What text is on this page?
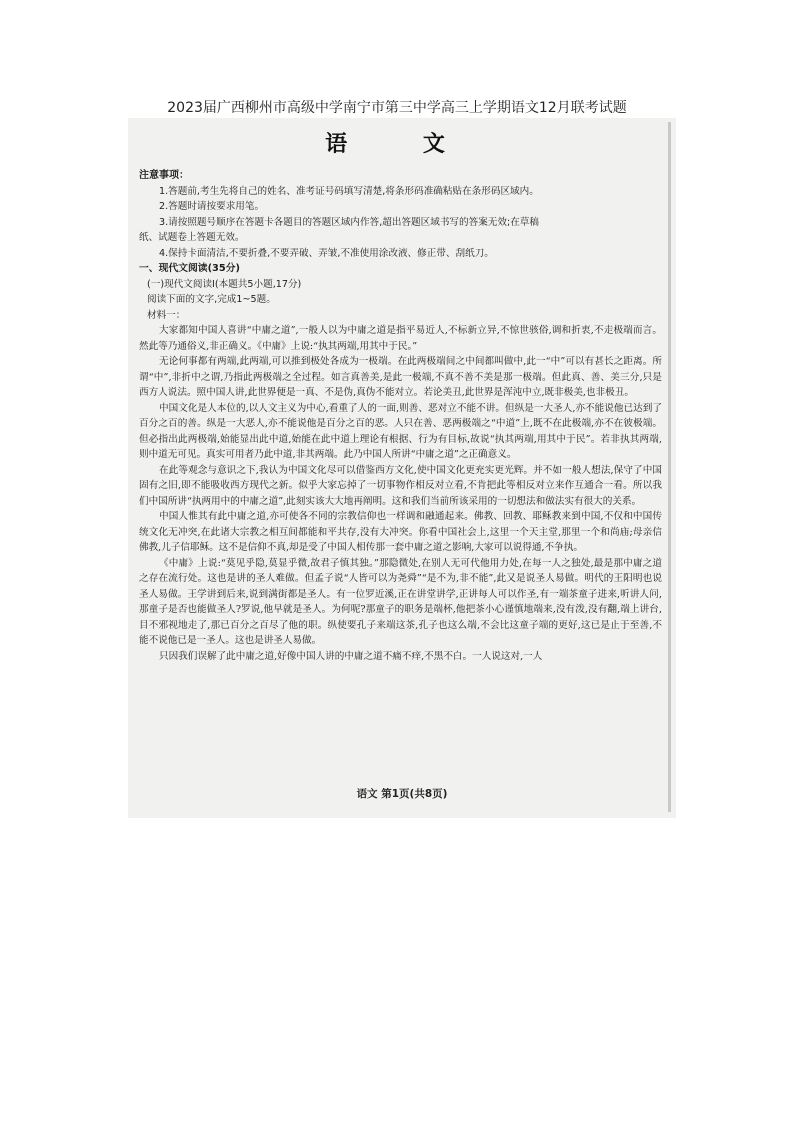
2023届广西柳州市高级中学南宁市第三中学高三上学期语文12月联考试题
语 文

注意事项：

1.答题前,考生先将自己的姓名、准考证号码填写清楚,将条形码准确粘贴在条形码区域内。

2.答题时请按要求用笔。

3.请按照题号顺序在答题卡各题目的答题区域内作答,超出答题区域书写的答案无效;在草稿

纸、试题卷上答题无效。

4.保持卡面清洁,不要折叠,不要弄破、弄皱,不准使用涂改液、修正带、刮纸刀。

一、现代文阅读(35分)

(一)现代文阅读Ⅰ(本题共5小题,17分)

阅读下面的文字,完成1~5题。

材料一：

大家都知中国人喜讲“中庸之道”,一般人以为中庸之道是指平易近人,不标新立异,不惊世骇俗,调和折衷,不走极端而言。然此等乃通俗义,非正确义。《中庸》上说:“执其两端,用其中于民。”

无论何事都有两端,此两端,可以推到极处各成为一极端。在此两极端间之中间都叫做中,此一“中”可以有甚长之距离。所谓“中”,非折中之谓,乃指此两极端之全过程。如言真善美,是此一极端,不真不善不美是那一极端。但此真、善、美三分,只是西方人说法。照中国人讲,此世界便是一真、不是伪,真伪不能对立。若论美丑,此世界是浑沌中立,既非极美,也非极丑。

中国文化是人本位的,以人文主义为中心,看重了人的一面,则善、恶对立不能不讲。但纵是一大圣人,亦不能说他已达到了百分之百的善。纵是一大恶人,亦不能说他是百分之百的恶。人只在善、恶两极端之“中道”上,既不在此极端,亦不在彼极端。但必指出此两极端,始能显出此中道,始能在此中道上理论有根据、行为有目标,故说“执其两端,用其中于民”。若非执其两端,则中道无可见。真实可用者乃此中道,非其两端。此乃中国人所讲“中庸之道”之正确意义。

在此等观念与意识之下,我认为中国文化尽可以借鉴西方文化,使中国文化更充实更光辉。并不如一般人想法,保守了中国固有之旧,即不能吸收西方现代之新。似乎大家忘掉了一切事物作相反对立看,不肯把此等相反对立来作互通合一看。所以我们中国所讲“执两用中的中庸之道”,此刻实该大大地再阐明。这和我们当前所该采用的一切想法和做法实有很大的关系。

中国人惟其有此中庸之道,亦可使各不同的宗教信仰也一样调和融通起来。佛教、回教、耶稣教来到中国,不仅和中国传统文化无冲突,在此诸大宗教之相互间都能和平共存,没有大冲突。你看中国社会上,这里一个天主堂,那里一个和尚庙;母亲信佛教,儿子信耶稣。这不是信仰不真,却是受了中国人相传那一套中庸之道之影响,大家可以说得通,不争执。

《中庸》上说:“莫见乎隐,莫显乎微,故君子慎其独。”那隐微处,在别人无可代他用力处,在每一人之独处,最是那中庸之道之存在流行处。这也是讲的圣人难做。但孟子说“人皆可以为尧舜”“是不为,非不能”,此又是说圣人易做。明代的王阳明也说圣人易做。王学讲到后来,说到满街都是圣人。有一位罗近溪,正在讲堂讲学,正讲每人可以作圣,有一端茶童子进来,听讲人问,那童子是否也能做圣人?罗说,他早就是圣人。为何呢?那童子的职务是端杯,他把茶小心谨慎地端来,没有泼,没有翻,端上讲台,目不邪视地走了,那已百分之百尽了他的职。纵使要孔子来端这茶,孔子也这么端,不会比这童子端的更好,这已是止于至善,不能不说他已是一圣人。这也是讲圣人易做。

只因我们误解了此中庸之道,好像中国人讲的中庸之道不痛不痒,不黑不白。一人说这对,一人

语文 第1页(共8页)
